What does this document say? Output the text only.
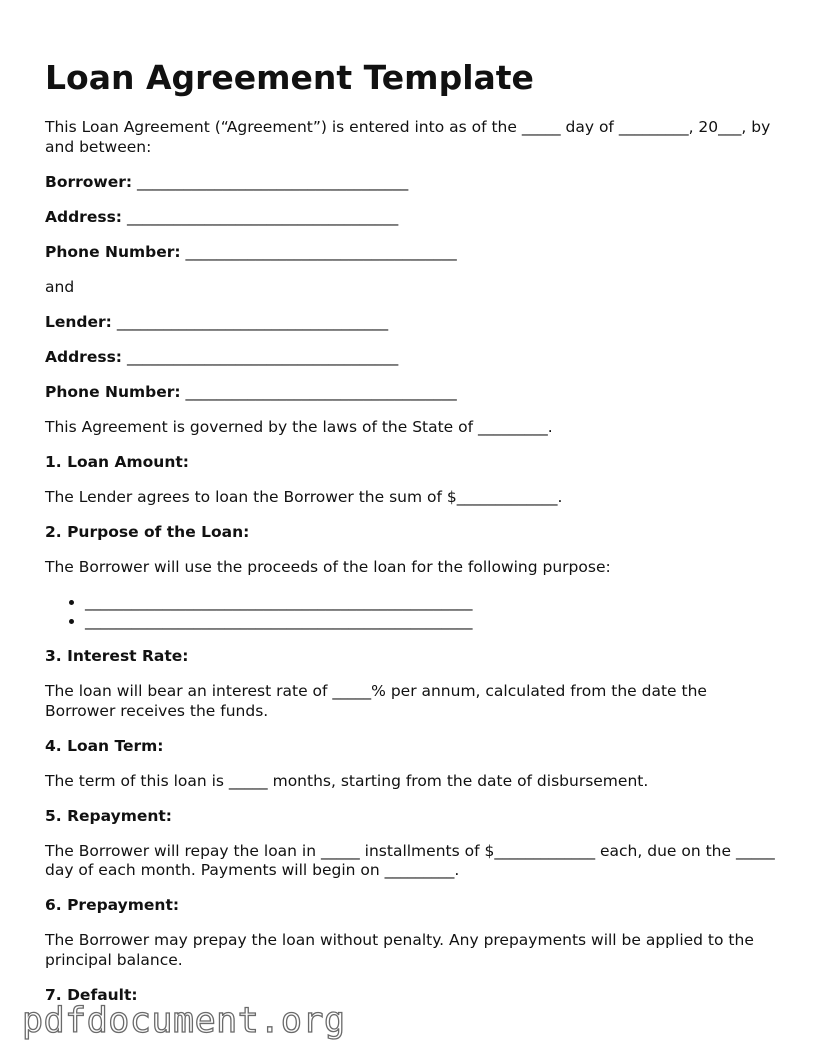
Loan Agreement Template

This Loan Agreement (“Agreement”) is entered into as of the _____ day of _________, 20___, by and between:

Borrower: ___________________________________
Address: ___________________________________
Phone Number: ___________________________________

and

Lender: ___________________________________
Address: ___________________________________
Phone Number: ___________________________________

This Agreement is governed by the laws of the State of _________.

1. Loan Amount:

The Lender agrees to loan the Borrower the sum of $_____________.

2. Purpose of the Loan:

The Borrower will use the proceeds of the loan for the following purpose:

• __________________________________________________
• __________________________________________________
3. Interest Rate:

The loan will bear an interest rate of _____% per annum, calculated from the date the Borrower receives the funds.

4. Loan Term:

The term of this loan is _____ months, starting from the date of disbursement.

5. Repayment:

The Borrower will repay the loan in _____ installments of $_____________ each, due on the _____ day of each month. Payments will begin on _________.

6. Prepayment:

The Borrower may prepay the loan without penalty. Any prepayments will be applied to the principal balance.

7. Default:
pdfdocument.org
